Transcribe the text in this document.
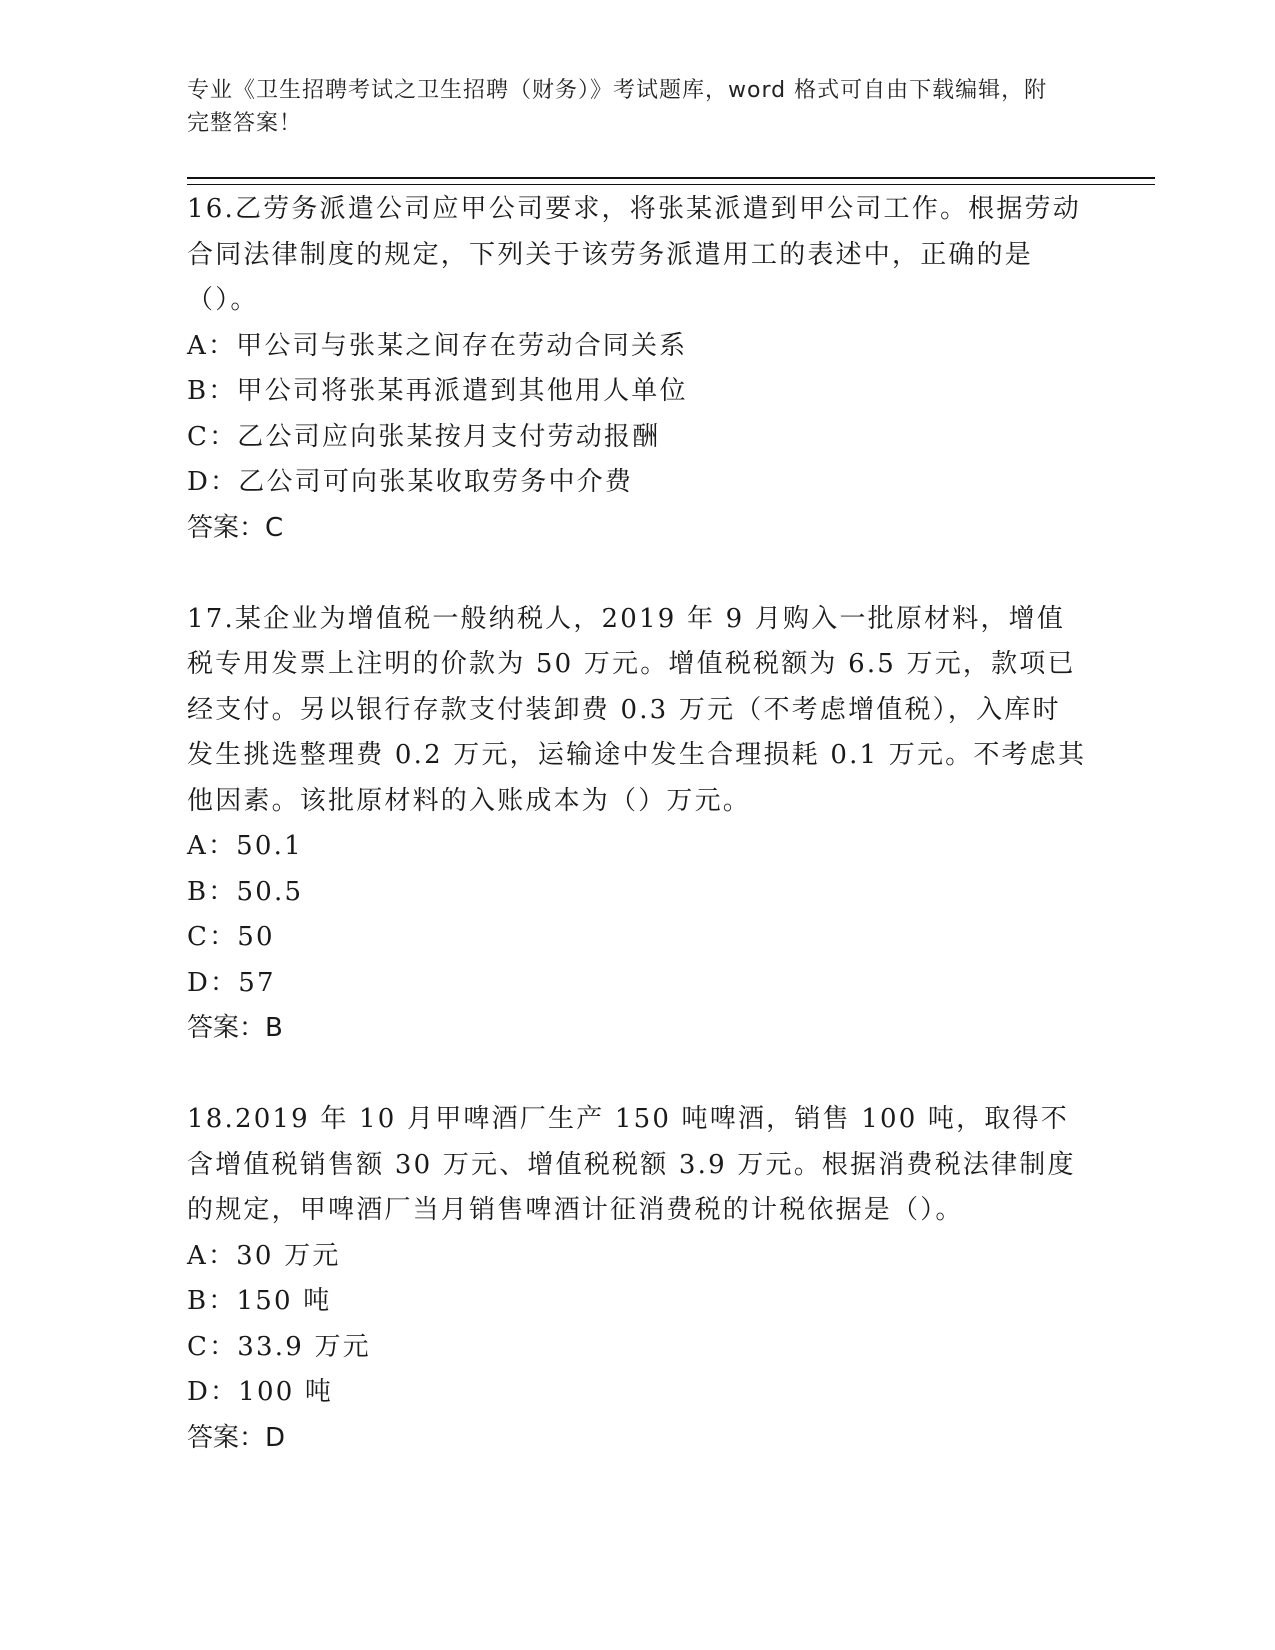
专业《卫生招聘考试之卫生招聘（财务）》考试题库，word 格式可自由下载编辑，附完整答案！

16.乙劳务派遣公司应甲公司要求，将张某派遣到甲公司工作。根据劳动合同法律制度的规定，下列关于该劳务派遣用工的表述中，正确的是（）。

A：甲公司与张某之间存在劳动合同关系

B：甲公司将张某再派遣到其他用人单位

C：乙公司应向张某按月支付劳动报酬

D：乙公司可向张某收取劳务中介费

答案：C

17.某企业为增值税一般纳税人，2019 年 9 月购入一批原材料，增值税专用发票上注明的价款为 50 万元。增值税税额为 6.5 万元，款项已经支付。另以银行存款支付装卸费 0.3 万元（不考虑增值税），入库时发生挑选整理费 0.2 万元，运输途中发生合理损耗 0.1 万元。不考虑其他因素。该批原材料的入账成本为（）万元。

A：50.1

B：50.5

C：50

D：57

答案：B

18.2019 年 10 月甲啤酒厂生产 150 吨啤酒，销售 100 吨，取得不含增值税销售额 30 万元、增值税税额 3.9 万元。根据消费税法律制度的规定，甲啤酒厂当月销售啤酒计征消费税的计税依据是（）。

A：30 万元

B：150 吨

C：33.9 万元

D：100 吨

答案：D
